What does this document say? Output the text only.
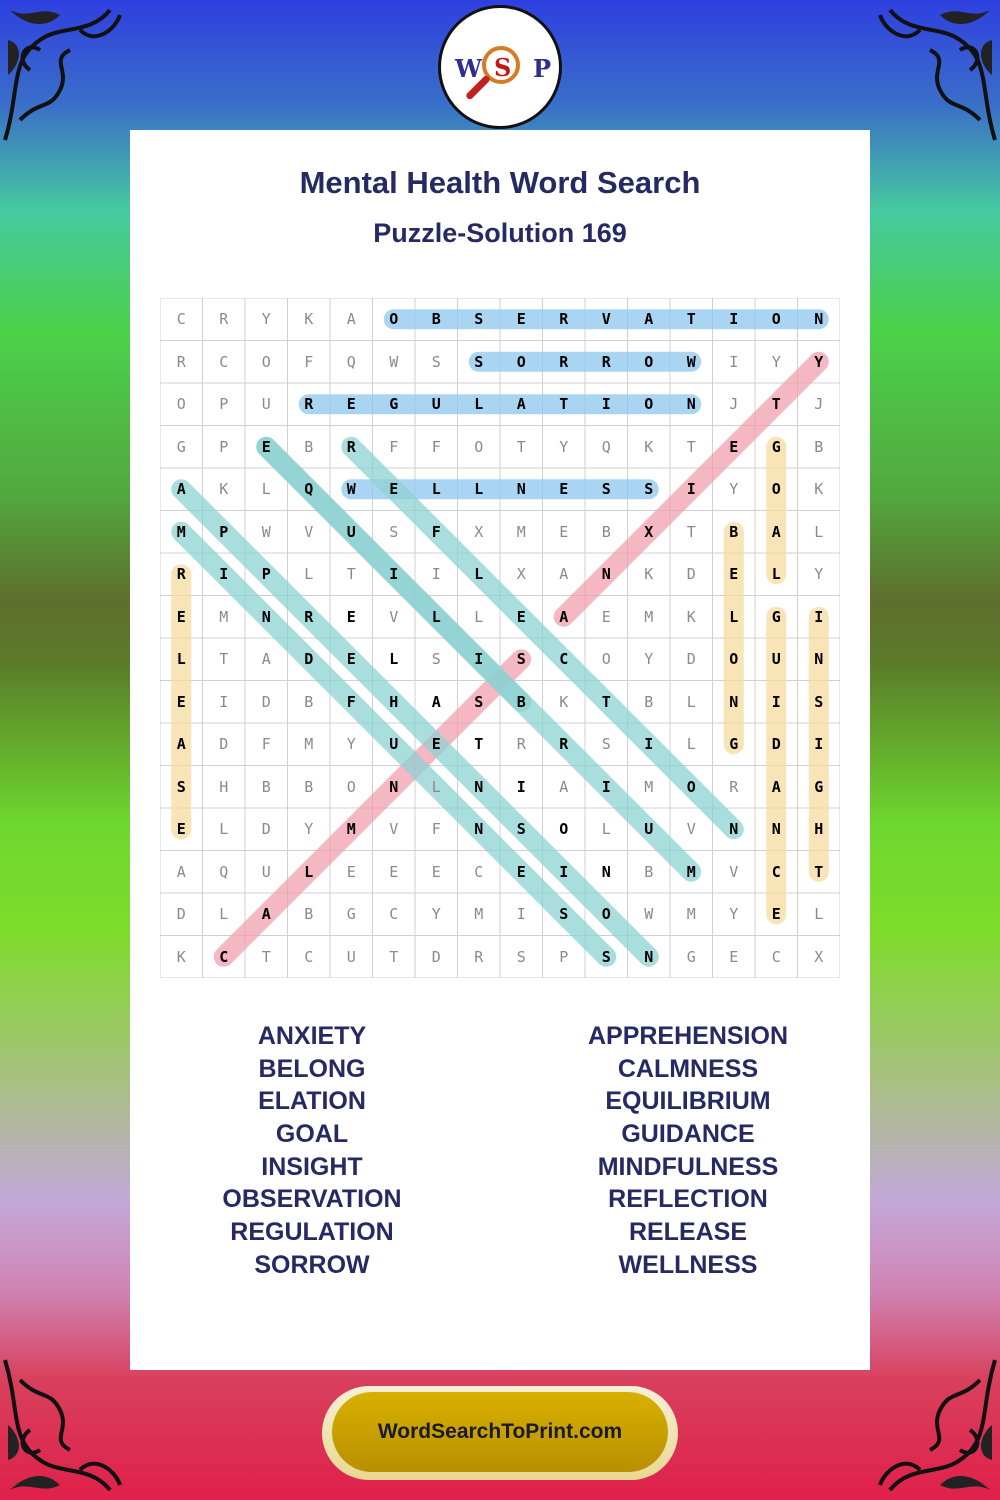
W S P
Mental Health Word Search
Puzzle-Solution 169
C	R	Y	K	A	O	B	S	E	R	V	A	T	I	O	N
R	C	O	F	Q	W	S	S	O	R	R	O	W	I	Y	Y
O	P	U	R	E	G	U	L	A	T	I	O	N	J	T	J
G	P	E	B	R	F	F	O	T	Y	Q	K	T	E	G	B
A	K	L	Q	W	E	L	L	N	E	S	S	I	Y	O	K
M	P	W	V	U	S	F	X	M	E	B	X	T	B	A	L
R	I	P	L	T	I	I	L	X	A	N	K	D	E	L	Y
E	M	N	R	E	V	L	L	E	A	E	M	K	L	G	I
L	T	A	D	E	L	S	I	S	C	O	Y	D	O	U	N
E	I	D	B	F	H	A	S	B	K	T	B	L	N	I	S
A	D	F	M	Y	U	E	T	R	R	S	I	L	G	D	I
S	H	B	B	O	N	L	N	I	A	I	M	O	R	A	G
E	L	D	Y	M	V	F	N	S	O	L	U	V	N	N	H
A	Q	U	L	E	E	E	C	E	I	N	B	M	V	C	T
D	L	A	B	G	C	Y	M	I	S	O	W	M	Y	E	L
K	C	T	C	U	T	D	R	S	P	S	N	G	E	C	X
ANXIETY
BELONG
ELATION
GOAL
INSIGHT
OBSERVATION
REGULATION
SORROW
APPREHENSION
CALMNESS
EQUILIBRIUM
GUIDANCE
MINDFULNESS
REFLECTION
RELEASE
WELLNESS
WordSearchToPrint.com
